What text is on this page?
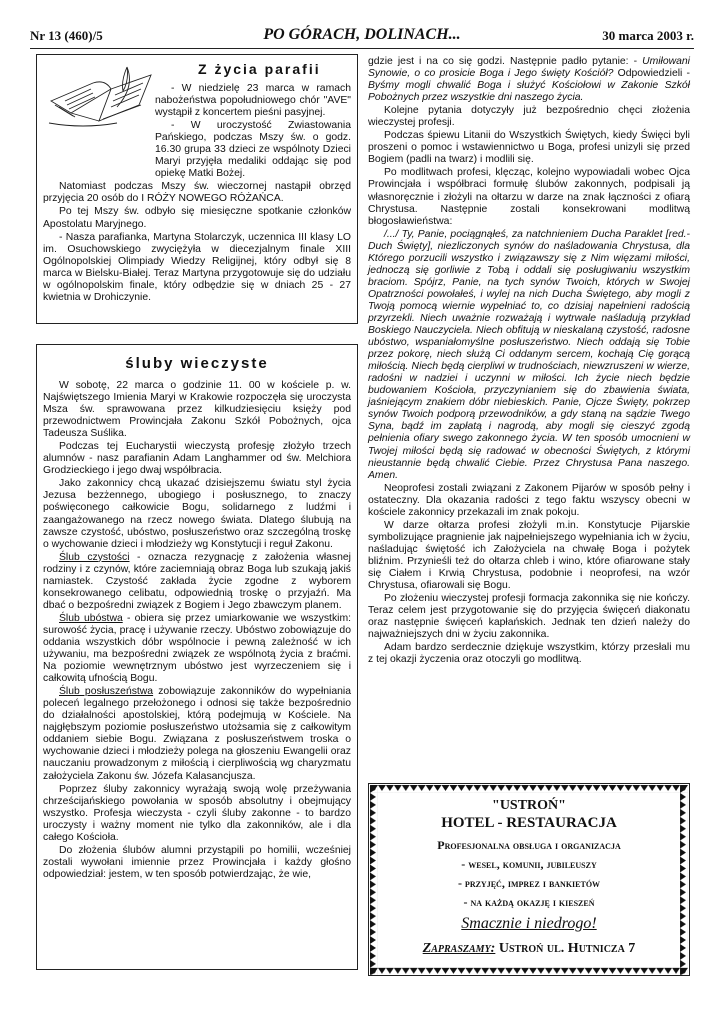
Nr 13 (460)/5	PO GÓRACH, DOLINACH...	30 marca 2003 r.
Z życia parafii

- W niedzielę 23 marca w ramach nabożeństwa popołudniowego chór "AVE" wystąpił z koncertem pieśni pasyjnej.

- W uroczystość Zwiastowania Pańskiego, podczas Mszy św. o godz. 16.30 grupa 33 dzieci ze wspólnoty Dzieci Maryi przyjęła medaliki oddając się pod opiekę Matki Bożej.

Natomiast podczas Mszy św. wieczornej nastąpił obrzęd przyjęcia 20 osób do I RÓŻY NOWEGO RÓŻAŃCA.

Po tej Mszy św. odbyło się miesięczne spotkanie członków Apostolatu Maryjnego.

- Nasza parafianka, Martyna Stolarczyk, uczennica III klasy LO im. Osuchowskiego zwyciężyła w diecezjalnym finale XIII Ogólnopolskiej Olimpiady Wiedzy Religijnej, który odbył się 8 marca w Bielsku-Białej. Teraz Martyna przygotowuje się do udziału w ogólnopolskim finale, który odbędzie się w dniach 25 - 27 kwietnia w Drohiczynie.

śluby wieczyste

W sobotę, 22 marca o godzinie 11. 00 w kościele p. w. Najświętszego Imienia Maryi w Krakowie rozpoczęła się uroczysta Msza św. sprawowana przez kilkudziesięciu księży pod przewodnictwem Prowincjała Zakonu Szkół Pobożnych, ojca Tadeusza Suślika.

Podczas tej Eucharystii wieczystą profesję złożyło trzech alumnów - nasz parafianin Adam Langhammer od św. Melchiora Grodzieckiego i jego dwaj współbracia.

Jako zakonnicy chcą ukazać dzisiejszemu światu styl życia Jezusa bezżennego, ubogiego i posłusznego, to znaczy poświęconego całkowicie Bogu, solidarnego z ludźmi i zaangażowanego na rzecz nowego świata. Dlatego ślubują na zawsze czystość, ubóstwo, posłuszeństwo oraz szczególną troskę o wychowanie dzieci i młodzieży wg Konstytucji i reguł Zakonu.

Ślub czystości - oznacza rezygnację z założenia własnej rodziny i z czynów, które zaciemniają obraz Boga lub szukają jakiś namiastek. Czystość zakłada życie zgodne z wyborem konsekrowanego celibatu, odpowiednią troskę o przyjaźń. Ma dbać o bezpośredni związek z Bogiem i Jego zbawczym planem.

Ślub ubóstwa - obiera się przez umiarkowanie we wszystkim: surowość życia, pracę i używanie rzeczy. Ubóstwo zobowiązuje do oddania wszystkich dóbr wspólnocie i pewną zależność w ich używaniu, ma bezpośredni związek ze wspólnotą życia z braćmi. Na poziomie wewnętrznym ubóstwo jest wyrzeczeniem się i całkowitą ufnością Bogu.

Ślub posłuszeństwa zobowiązuje zakonników do wypełniania poleceń legalnego przełożonego i odnosi się także bezpośrednio do działalności apostolskiej, którą podejmują w Kościele. Na najgłębszym poziomie posłuszeństwo utożsamia się z całkowitym oddaniem siebie Bogu. Związana z posłuszeństwem troska o wychowanie dzieci i młodzieży polega na głoszeniu Ewangelii oraz nauczaniu prowadzonym z miłością i cierpliwością wg charyzmatu założyciela Zakonu św. Józefa Kalasancjusza.

Poprzez śluby zakonnicy wyrażają swoją wolę przeżywania chrześcijańskiego powołania w sposób absolutny i obejmujący wszystko. Profesja wieczysta - czyli śluby zakonne - to bardzo uroczysty i ważny moment nie tylko dla zakonników, ale i dla całego Kościoła.

Do złożenia ślubów alumni przystąpili po homilii, wcześniej zostali wywołani imiennie przez Prowincjała i każdy głośno odpowiedział: jestem, w ten sposób potwierdzając, że wie,

gdzie jest i na co się godzi. Następnie padło pytanie: - Umiłowani Synowie, o co prosicie Boga i Jego święty Kościół? Odpowiedzieli - Byśmy mogli chwalić Boga i służyć Kościołowi w Zakonie Szkół Pobożnych przez wszystkie dni naszego życia.

Kolejne pytania dotyczyły już bezpośrednio chęci złożenia wieczystej profesji.

Podczas śpiewu Litanii do Wszystkich Świętych, kiedy Święci byli proszeni o pomoc i wstawiennictwo u Boga, profesi unizyli się przed Bogiem (padli na twarz) i modlili się.

Po modlitwach profesi, klęcząc, kolejno wypowiadali wobec Ojca Prowincjała i współbraci formułę ślubów zakonnych, podpisali ją własnoręcznie i złożyli na ołtarzu w darze na znak łączności z ofiarą Chrystusa. Następnie zostali konsekrowani modlitwą błogosławieństwa:

/.../ Ty, Panie, pociągnąłeś, za natchnieniem Ducha Paraklet [red.- Duch Święty], niezliczonych synów do naśladowania Chrystusa, dla Którego porzucili wszystko i związawszy się z Nim więzami miłości, jednoczą się gorliwie z Tobą i oddali się posługiwaniu wszystkim braciom. Spójrz, Panie, na tych synów Twoich, których w Swojej Opatrzności powołałeś, i wylej na nich Ducha Świętego, aby mogli z Twoją pomocą wiernie wypełniać to, co dzisiaj napełnieni radością przyrzekli. Niech uważnie rozważają i wytrwale naśladują przykład Boskiego Nauczyciela. Niech obfitują w nieskalaną czystość, radosne ubóstwo, wspaniałomyślne posłuszeństwo. Niech oddają się Tobie przez pokorę, niech służą Ci oddanym sercem, kochają Cię gorącą miłością. Niech będą cierpliwi w trudnościach, niewzruszeni w wierze, radośni w nadziei i uczynni w miłości. Ich życie niech będzie budowaniem Kościoła, przyczynianiem się do zbawienia świata, jaśniejącym znakiem dóbr niebieskich. Panie, Ojcze Święty, pokrzep synów Twoich podporą przewodników, a gdy staną na sądzie Twego Syna, bądź im zapłatą i nagrodą, aby mogli się cieszyć zgodą pełnienia ofiary swego zakonnego życia. W ten sposób umocnieni w Twojej miłości będą się radować w obecności Świętych, z którymi nieustannie będą chwalić Ciebie. Przez Chrystusa Pana naszego. Amen.

Neoprofesi zostali związani z Zakonem Pijarów w sposób pełny i ostateczny. Dla okazania radości z tego faktu wszyscy obecni w kościele zakonnicy przekazali im znak pokoju.

W darze ołtarza profesi złożyli m.in. Konstytucje Pijarskie symbolizujące pragnienie jak najpełniejszego wypełniania ich w życiu, naśladując świętość ich Założyciela na chwałę Boga i pożytek bliźnim. Przynieśli też do ołtarza chleb i wino, które ofiarowane stały się Ciałem i Krwią Chrystusa, podobnie i neoprofesi, na wzór Chrystusa, ofiarowali się Bogu.

Po złożeniu wieczystej profesji formacja zakonnika się nie kończy. Teraz celem jest przygotowanie się do przyjęcia święceń diakonatu oraz następnie święceń kapłańskich. Jednak ten dzień należy do najważniejszych dni w życiu zakonnika.

Adam bardzo serdecznie dziękuje wszystkim, którzy przesłali mu z tej okazji życzenia oraz otoczyli go modlitwą.

"USTROŃ"
HOTEL - RESTAURACJA
Profesjonalna obsługa i organizacja
- wesel, komunii, jubileuszy
- przyjęć, imprez i bankietów
- na każdą okazję i kieszeń
Smacznie i niedrogo!
Zapraszamy: Ustroń ul. Hutnicza 7
